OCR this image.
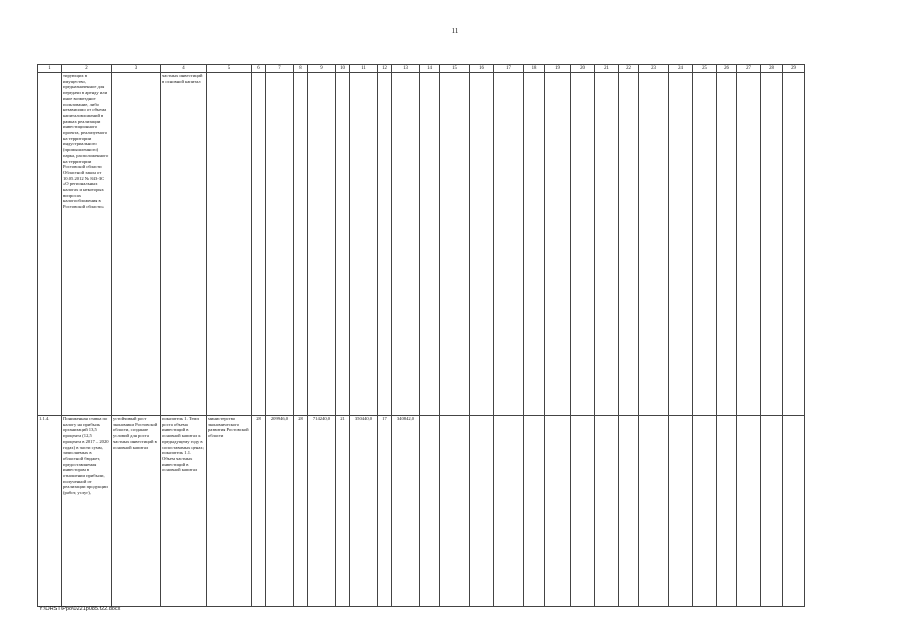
11
1	2	3	4	5	6	7	8	9	10	11	12	13	14	15	16	17	18	19	20	21	22	23	24	25	26	27	28	29
	тирующих в имущество, предназначенное для передачи в аренду или иное возмездное пользование, либо независимо от объема капиталовложений в рамках реализации инвестиционного проекта, реализуемого на территории индустриального (промышленного) парка, расположенного на территории Ростовской области Областной закон от 10.05.2012 № 843-ЗС «О региональных налогах и некоторых вопросах налогообложения в Ростовской области»		частных инвестиций в основной капитал																									
1.1.4.	Пониженная ставка по налогу на прибыль организаций 13,5 процента (12,5 процента в 2017 – 2020 годах) в части сумм, зачисляемых в областной бюджет, предоставляемая инвесторам в отношении прибыли, полученной от реализации продукции (работ, услуг),	устойчивый рост экономики Ростовской области, создание условий для роста частных инвестиций в основной капитал	показатель 1. Темп роста объема инвестиций в основной капитал к предыдущему году в сопоставимых ценах; показатель 1.1. Объем частных инвестиций в основной капитал	министерство экономического развития Ростовской области	28	209946,0	28	714240,0	21	350440,0	17	340842,0																
Y:\ORST\Ppo\0221p085.f22.docx
